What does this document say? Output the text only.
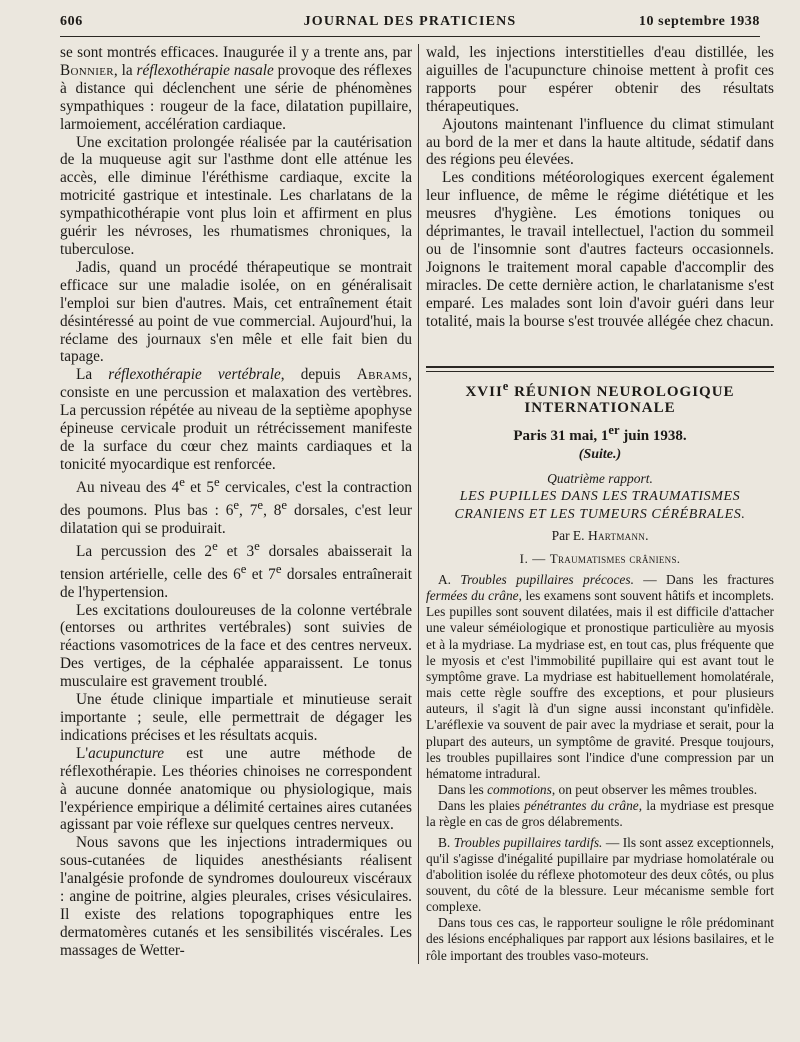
606	JOURNAL DES PRATICIENS	10 septembre 1938

se sont montrés efficaces. Inaugurée il y a trente ans, par Bonnier, la réflexothérapie nasale provoque des réflexes à distance qui déclenchent une série de phénomènes sympathiques : rougeur de la face, dilatation pupillaire, larmoiement, accélération cardiaque.

Une excitation prolongée réalisée par la cautérisation de la muqueuse agit sur l'asthme dont elle atténue les accès, elle diminue l'éréthisme cardiaque, excite la motricité gastrique et intestinale. Les charlatans de la sympathicothérapie vont plus loin et affirment en plus guérir les névroses, les rhumatismes chroniques, la tuberculose.

Jadis, quand un procédé thérapeutique se montrait efficace sur une maladie isolée, on en généralisait l'emploi sur bien d'autres. Mais, cet entraînement était désintéressé au point de vue commercial. Aujourd'hui, la réclame des journaux s'en mêle et elle fait bien du tapage.

La réflexothérapie vertébrale, depuis Abrams, consiste en une percussion et malaxation des vertèbres. La percussion répétée au niveau de la septième apophyse épineuse cervicale produit un rétrécissement manifeste de la surface du cœur chez maints cardiaques et la tonicité myocardique est renforcée.

Au niveau des 4e et 5e cervicales, c'est la contraction des poumons. Plus bas : 6e, 7e, 8e dorsales, c'est leur dilatation qui se produirait.

La percussion des 2e et 3e dorsales abaisserait la tension artérielle, celle des 6e et 7e dorsales entraînerait de l'hypertension.

Les excitations douloureuses de la colonne vertébrale (entorses ou arthrites vertébrales) sont suivies de réactions vasomotrices de la face et des centres nerveux. Des vertiges, de la céphalée apparaissent. Le tonus musculaire est gravement troublé.

Une étude clinique impartiale et minutieuse serait importante ; seule, elle permettrait de dégager les indications précises et les résultats acquis.

L'acupuncture est une autre méthode de réflexothérapie. Les théories chinoises ne correspondent à aucune donnée anatomique ou physiologique, mais l'expérience empirique a délimité certaines aires cutanées agissant par voie réflexe sur quelques centres nerveux.

Nous savons que les injections intradermiques ou sous-cutanées de liquides anesthésiants réalisent l'analgésie profonde de syndromes douloureux viscéraux : angine de poitrine, algies pleurales, crises vésiculaires. Il existe des relations topographiques entre les dermatomères cutanés et les sensibilités viscérales. Les massages de Wetter-

wald, les injections interstitielles d'eau distillée, les aiguilles de l'acupuncture chinoise mettent à profit ces rapports pour espérer obtenir des résultats thérapeutiques.

Ajoutons maintenant l'influence du climat stimulant au bord de la mer et dans la haute altitude, sédatif dans des régions peu élevées.

Les conditions météorologiques exercent également leur influence, de même le régime diététique et les meusres d'hygiène. Les émotions toniques ou déprimantes, le travail intellectuel, l'action du sommeil ou de l'insomnie sont d'autres facteurs occasionnels. Joignons le traitement moral capable d'accomplir des miracles. De cette dernière action, le charlatanisme s'est emparé. Les malades sont loin d'avoir guéri dans leur totalité, mais la bourse s'est trouvée allégée chez chacun.

XVIIe RÉUNION NEUROLOGIQUE
INTERNATIONALE
Paris 31 mai, 1er juin 1938.
(Suite.)
Quatrième rapport.
LES PUPILLES DANS LES TRAUMATISMES
CRANIENS ET LES TUMEURS CÉRÉBRALES.
Par E. Hartmann.
I. — Traumatismes crâniens.

A. Troubles pupillaires précoces. — Dans les fractures fermées du crâne, les examens sont souvent hâtifs et incomplets. Les pupilles sont souvent dilatées, mais il est difficile d'attacher une valeur séméiologique et pronostique particulière au myosis et à la mydriase. La mydriase est, en tout cas, plus fréquente que le myosis et c'est l'immobilité pupillaire qui est avant tout le symptôme grave. La mydriase est habituellement homolatérale, mais cette règle souffre des exceptions, et pour plusieurs auteurs, il s'agit là d'un signe aussi inconstant qu'infidèle. L'aréflexie va souvent de pair avec la mydriase et serait, pour la plupart des auteurs, un symptôme de gravité. Presque toujours, les troubles pupillaires sont l'indice d'une compression par un hématome intradural.

Dans les commotions, on peut observer les mêmes troubles.

Dans les plaies pénétrantes du crâne, la mydriase est presque la règle en cas de gros délabrements.

B. Troubles pupillaires tardifs. — Ils sont assez exceptionnels, qu'il s'agisse d'inégalité pupillaire par mydriase homolatérale ou d'abolition isolée du réflexe photomoteur des deux côtés, ou plus souvent, du côté de la blessure. Leur mécanisme semble fort complexe.

Dans tous ces cas, le rapporteur souligne le rôle prédominant des lésions encéphaliques par rapport aux lésions basilaires, et le rôle important des troubles vaso-moteurs.
